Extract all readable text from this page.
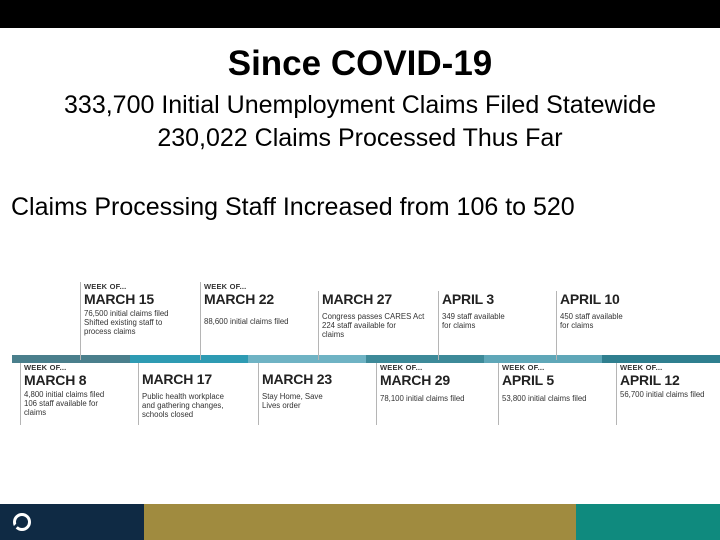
Since COVID-19
333,700 Initial Unemployment Claims Filed Statewide
230,022 Claims Processed Thus Far
Claims Processing Staff Increased from 106 to 520
WEEK OF...
MARCH 15
76,500 initial claims filed
Shifted existing staff to
process claims
WEEK OF...
MARCH 22
88,600 initial claims filed
MARCH 27
Congress passes CARES Act
224 staff available for
claims
APRIL 3
349 staff available
for claims
APRIL 10
450 staff available
for claims
WEEK OF...
MARCH 8
4,800 initial claims filed
106 staff available for
claims
MARCH 17
Public health workplace
and gathering changes,
schools closed
MARCH 23
Stay Home, Save
Lives order
WEEK OF...
MARCH 29
78,100 initial claims filed
WEEK OF...
APRIL 5
53,800 initial claims filed
WEEK OF...
APRIL 12
56,700 initial claims filed
